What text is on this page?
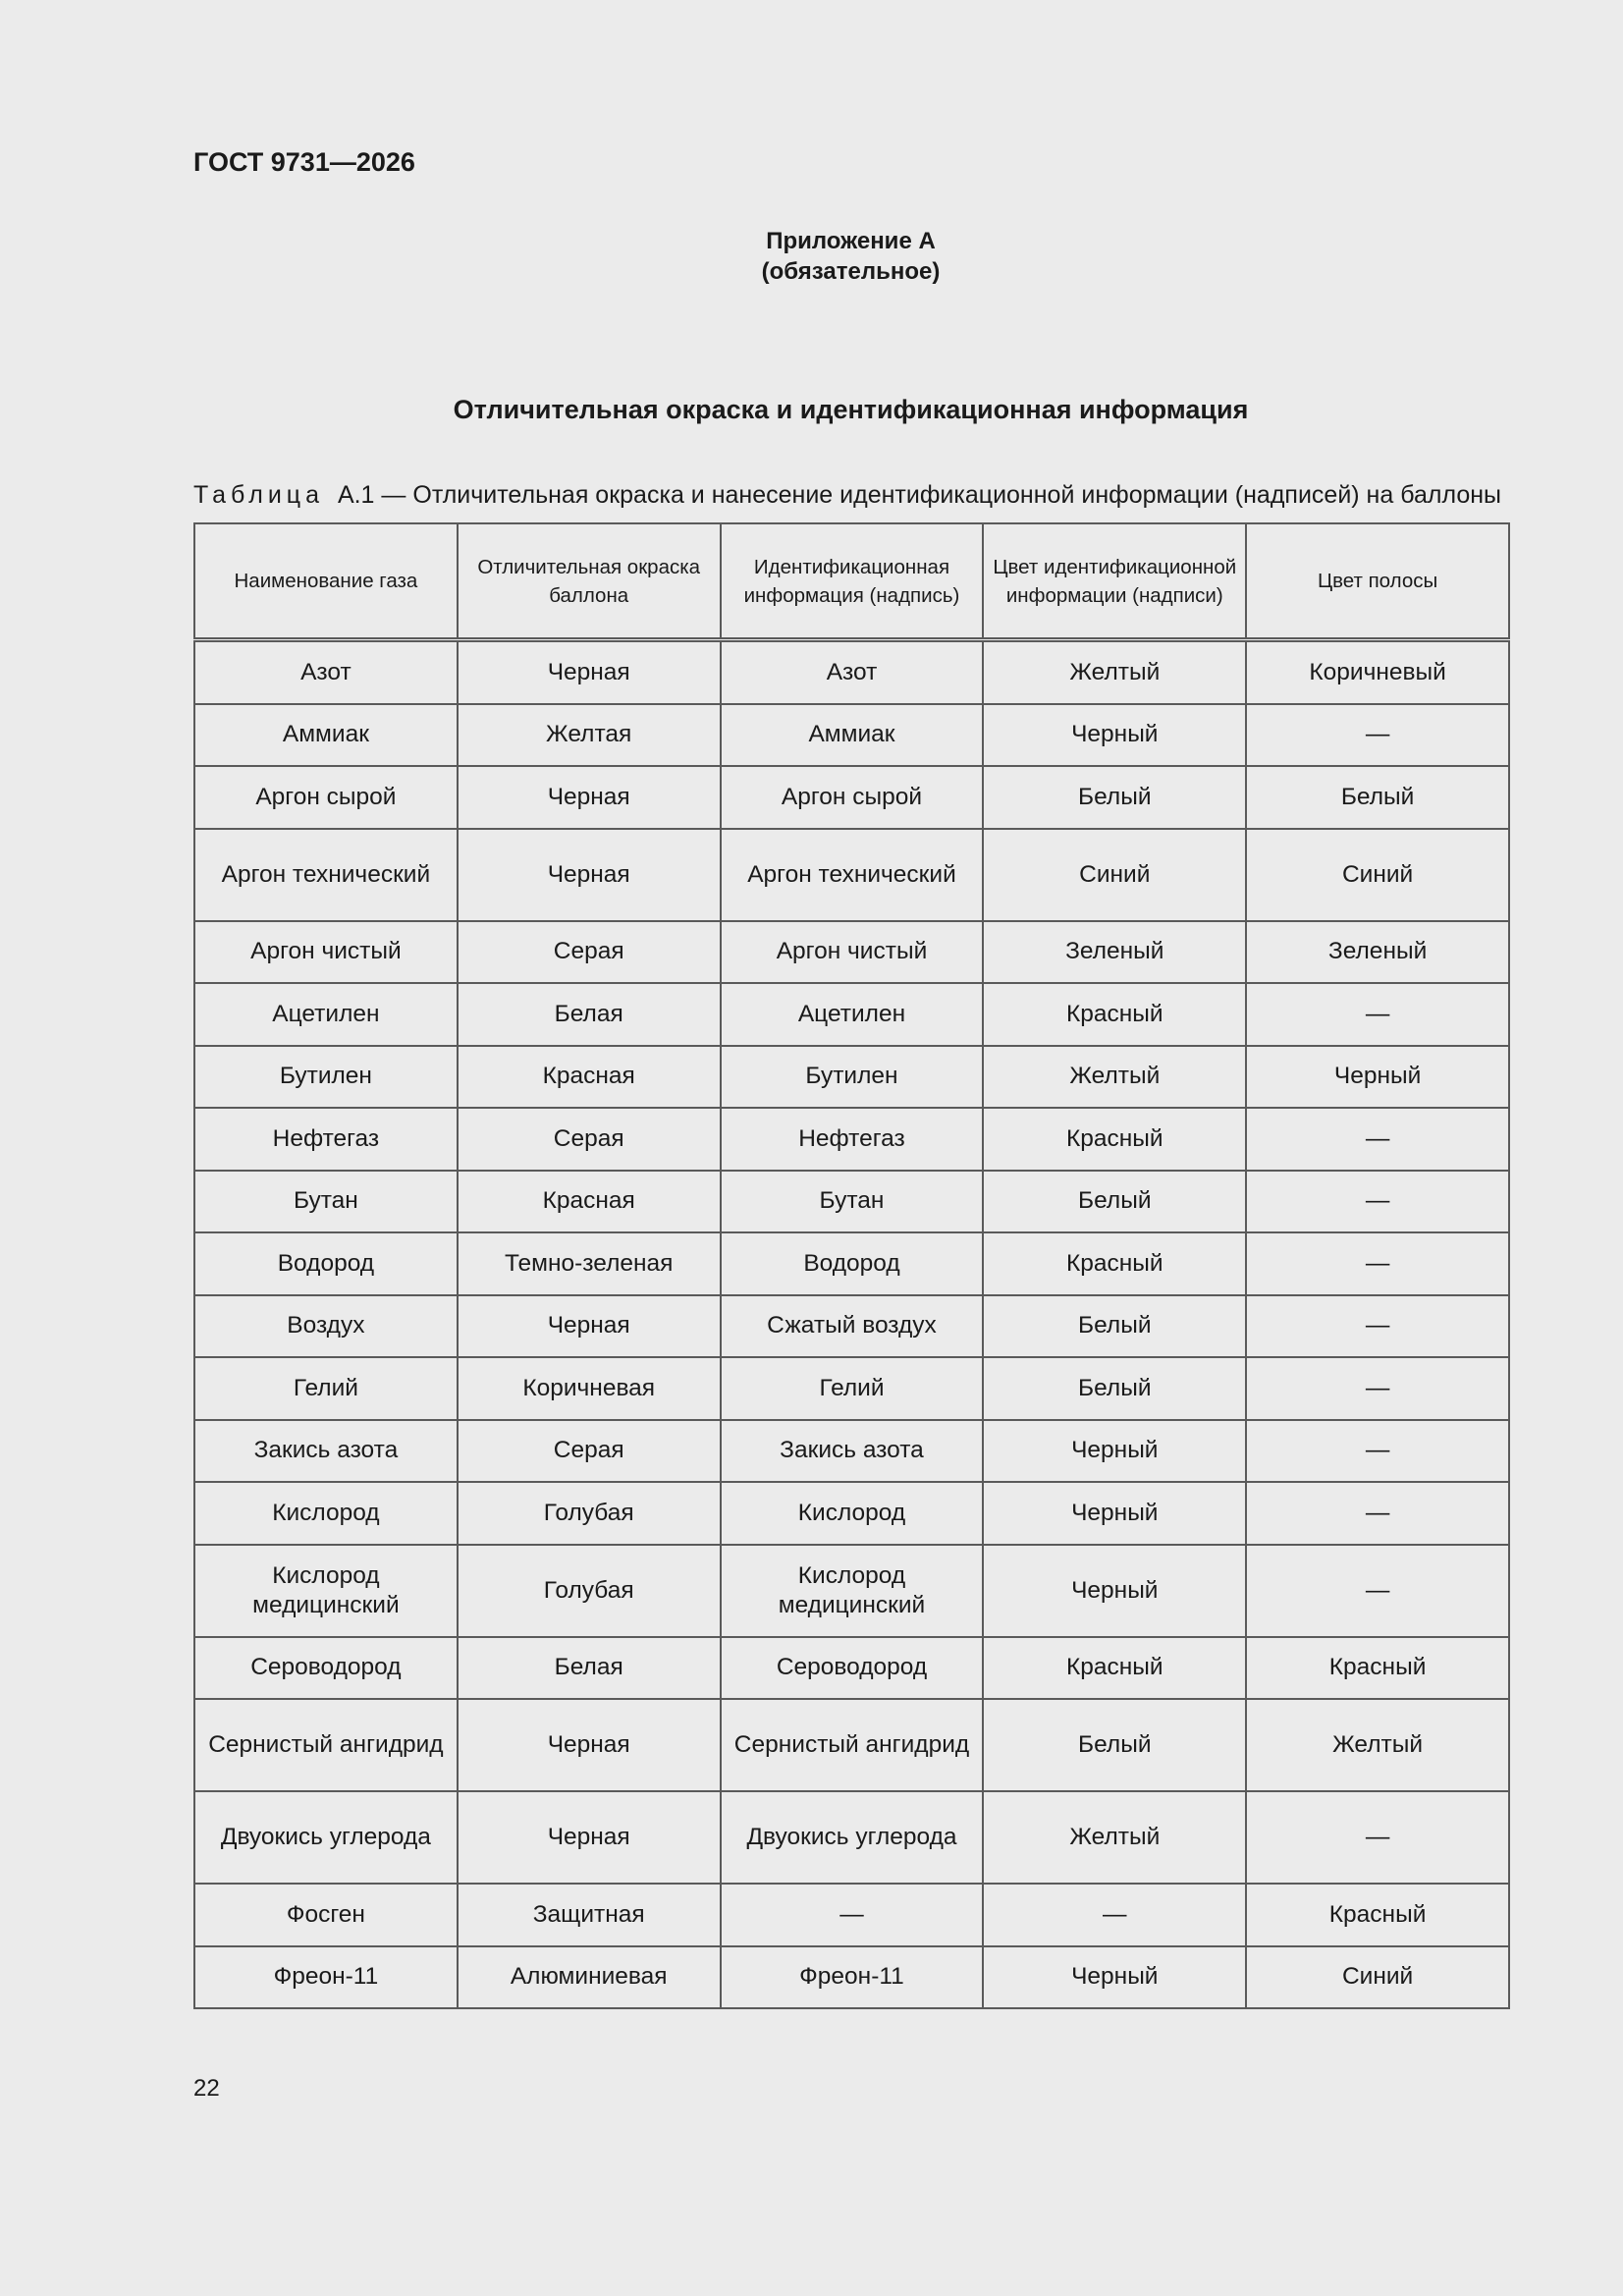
ГОСТ 9731—2026
Приложение А
(обязательное)
Отличительная окраска и идентификационная информация
Таблица А.1 — Отличительная окраска и нанесение идентификационной информации (надписей) на баллоны
Наименование газа	Отличительная окраска баллона	Идентификационная информация (надпись)	Цвет идентификационной информации (надписи)	Цвет полосы
Азот	Черная	Азот	Желтый	Коричневый
Аммиак	Желтая	Аммиак	Черный	—
Аргон сырой	Черная	Аргон сырой	Белый	Белый
Аргон технический	Черная	Аргон технический	Синий	Синий
Аргон чистый	Серая	Аргон чистый	Зеленый	Зеленый
Ацетилен	Белая	Ацетилен	Красный	—
Бутилен	Красная	Бутилен	Желтый	Черный
Нефтегаз	Серая	Нефтегаз	Красный	—
Бутан	Красная	Бутан	Белый	—
Водород	Темно-зеленая	Водород	Красный	—
Воздух	Черная	Сжатый воздух	Белый	—
Гелий	Коричневая	Гелий	Белый	—
Закись азота	Серая	Закись азота	Черный	—
Кислород	Голубая	Кислород	Черный	—
Кислород медицинский	Голубая	Кислород медицинский	Черный	—
Сероводород	Белая	Сероводород	Красный	Красный
Сернистый ангидрид	Черная	Сернистый ангидрид	Белый	Желтый
Двуокись углерода	Черная	Двуокись углерода	Желтый	—
Фосген	Защитная	—	—	Красный
Фреон-11	Алюминиевая	Фреон-11	Черный	Синий
22
